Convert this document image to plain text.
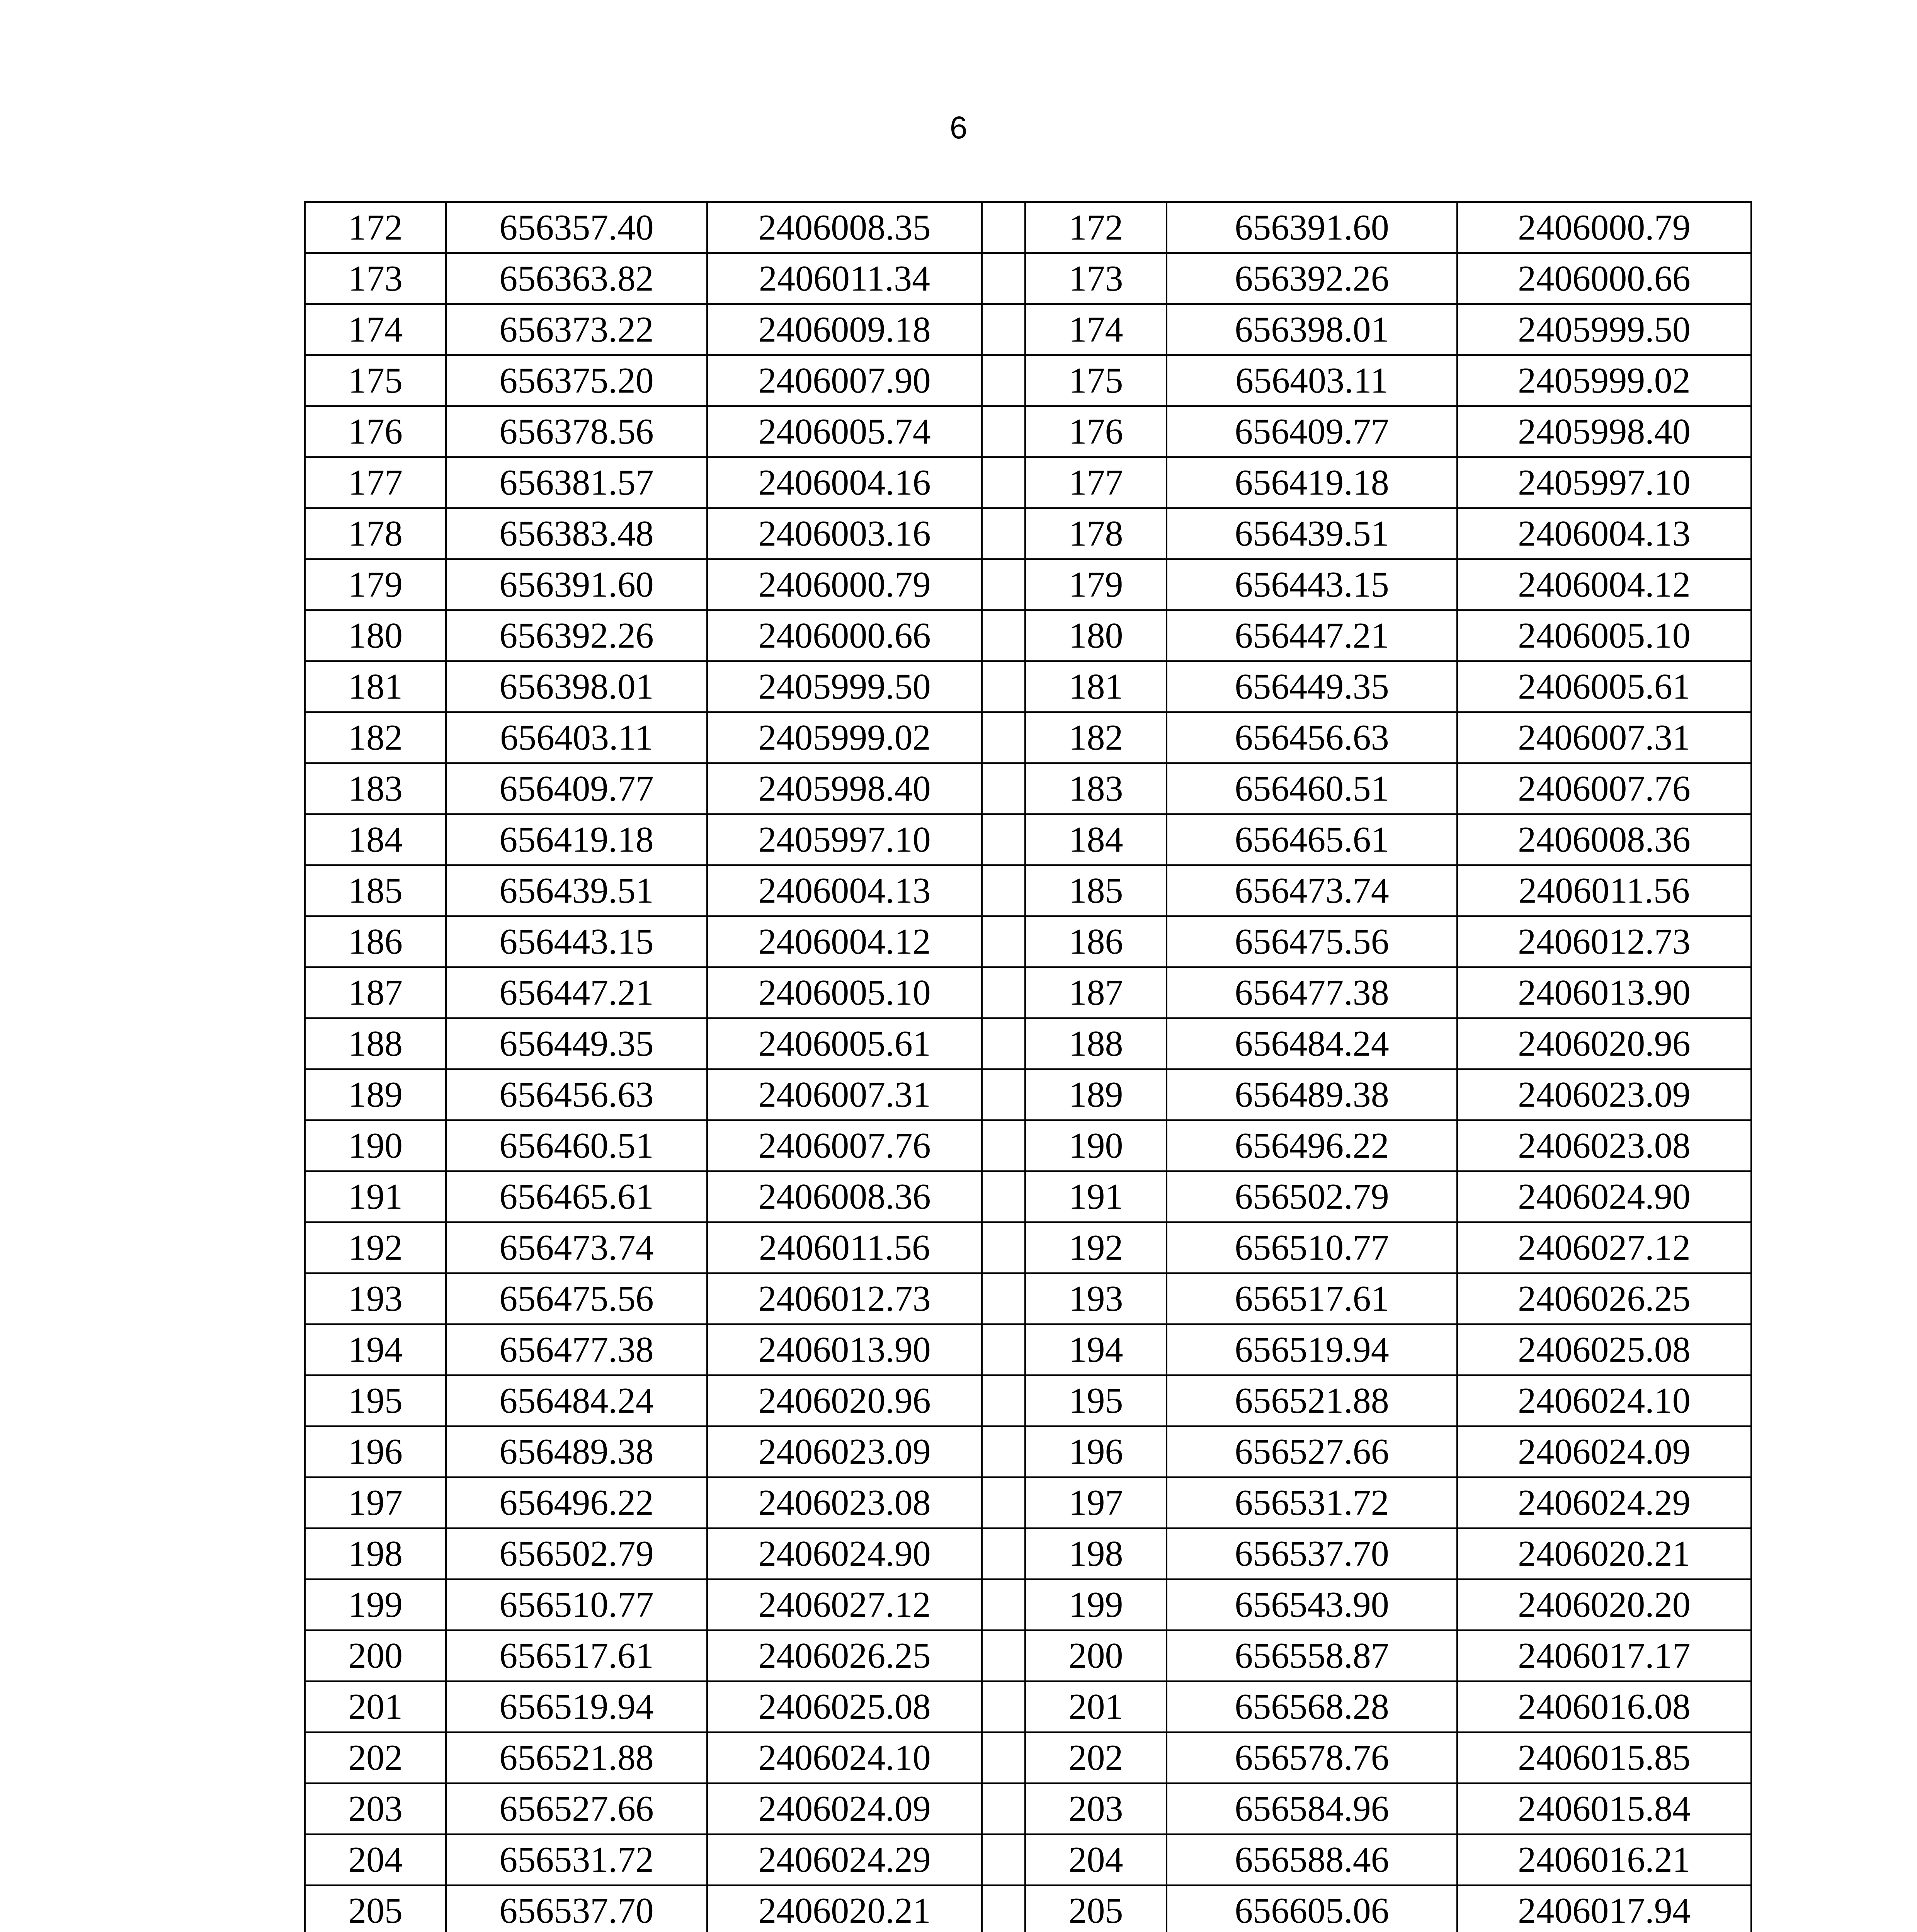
6
172	656357.40	2406008.35		172	656391.60	2406000.79
173	656363.82	2406011.34		173	656392.26	2406000.66
174	656373.22	2406009.18		174	656398.01	2405999.50
175	656375.20	2406007.90		175	656403.11	2405999.02
176	656378.56	2406005.74		176	656409.77	2405998.40
177	656381.57	2406004.16		177	656419.18	2405997.10
178	656383.48	2406003.16		178	656439.51	2406004.13
179	656391.60	2406000.79		179	656443.15	2406004.12
180	656392.26	2406000.66		180	656447.21	2406005.10
181	656398.01	2405999.50		181	656449.35	2406005.61
182	656403.11	2405999.02		182	656456.63	2406007.31
183	656409.77	2405998.40		183	656460.51	2406007.76
184	656419.18	2405997.10		184	656465.61	2406008.36
185	656439.51	2406004.13		185	656473.74	2406011.56
186	656443.15	2406004.12		186	656475.56	2406012.73
187	656447.21	2406005.10		187	656477.38	2406013.90
188	656449.35	2406005.61		188	656484.24	2406020.96
189	656456.63	2406007.31		189	656489.38	2406023.09
190	656460.51	2406007.76		190	656496.22	2406023.08
191	656465.61	2406008.36		191	656502.79	2406024.90
192	656473.74	2406011.56		192	656510.77	2406027.12
193	656475.56	2406012.73		193	656517.61	2406026.25
194	656477.38	2406013.90		194	656519.94	2406025.08
195	656484.24	2406020.96		195	656521.88	2406024.10
196	656489.38	2406023.09		196	656527.66	2406024.09
197	656496.22	2406023.08		197	656531.72	2406024.29
198	656502.79	2406024.90		198	656537.70	2406020.21
199	656510.77	2406027.12		199	656543.90	2406020.20
200	656517.61	2406026.25		200	656558.87	2406017.17
201	656519.94	2406025.08		201	656568.28	2406016.08
202	656521.88	2406024.10		202	656578.76	2406015.85
203	656527.66	2406024.09		203	656584.96	2406015.84
204	656531.72	2406024.29		204	656588.46	2406016.21
205	656537.70	2406020.21		205	656605.06	2406017.94
